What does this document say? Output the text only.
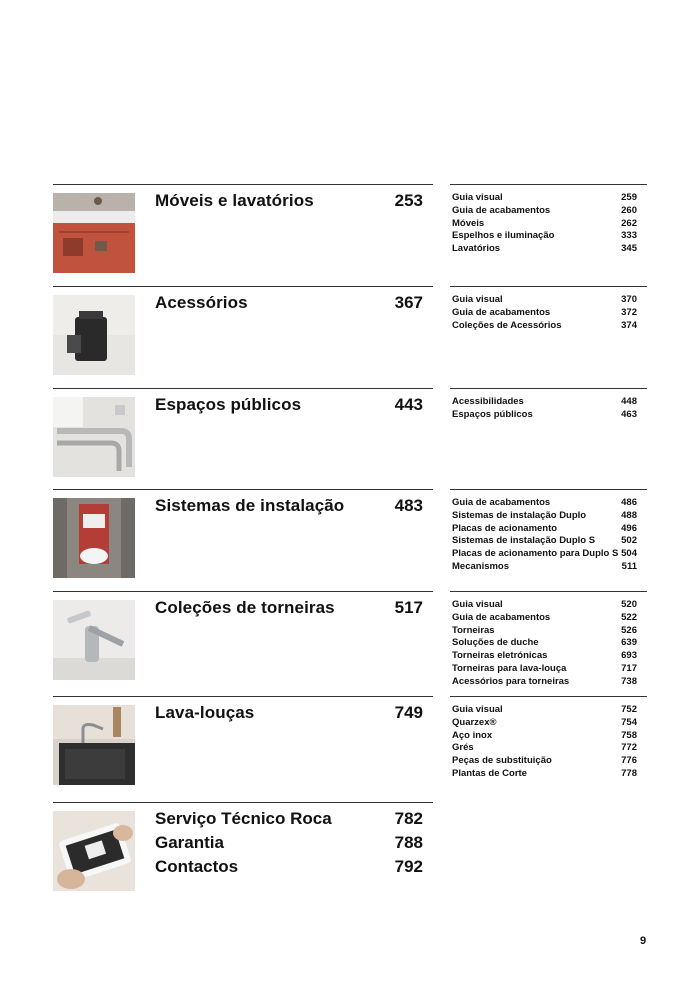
Móveis e lavatórios	253	Guia visual	259
Guia de acabamentos	260
Móveis	262
Espelhos e iluminação	333
Lavatórios	345
Acessórios	367	Guia visual	370
Guia de acabamentos	372
Coleções de Acessórios	374
Espaços públicos	443	Acessibilidades	448
Espaços públicos	463
Sistemas de instalação	483	Guia de acabamentos	486
Sistemas de instalação Duplo	488
Placas de acionamento	496
Sistemas de instalação Duplo S	502
Placas de acionamento para Duplo S 504
Mecanismos	511
Coleções de torneiras	517	Guia visual	520
Guia de acabamentos	522
Torneiras	526
Soluções de duche	639
Torneiras eletrónicas	693
Torneiras para lava-louça	717
Acessórios para torneiras	738
Lava-louças	749	Guia visual	752
Quarzex®	754
Aço inox	758
Grés	772
Peças de substituição	776
Plantas de Corte	778
Serviço Técnico Roca	782
Garantia	788
Contactos	792
9
